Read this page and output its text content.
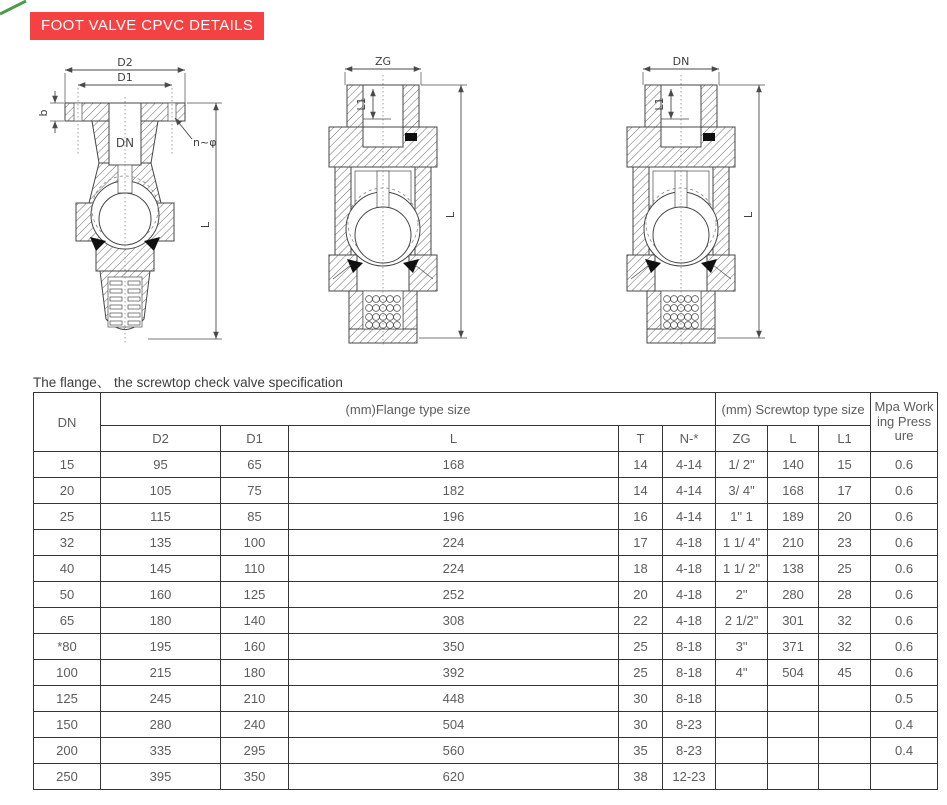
FOOT VALVE CPVC DETAILS
D2
D1
b
DN	n~φ
L
ZG
L1
L
DN
L1
L
The flange、 the screwtop check valve specification
DN	(mm)Flange type size					(mm) Screwtop type size			Mpa Working Pressure
	D2	D1	L	T	N-*	ZG	L	L1	
15	95	65	168	14	4-14	1/ 2"	140	15	0.6
20	105	75	182	14	4-14	3/ 4"	168	17	0.6
25	115	85	196	16	4-14	1" 1	189	20	0.6
32	135	100	224	17	4-18	1 1/ 4"	210	23	0.6
40	145	110	224	18	4-18	1 1/ 2"	138	25	0.6
50	160	125	252	20	4-18	2"	280	28	0.6
65	180	140	308	22	4-18	2 1/2"	301	32	0.6
*80	195	160	350	25	8-18	3"	371	32	0.6
100	215	180	392	25	8-18	4"	504	45	0.6
125	245	210	448	30	8-18				0.5
150	280	240	504	30	8-23				0.4
200	335	295	560	35	8-23				0.4
250	395	350	620	38	12-23				
